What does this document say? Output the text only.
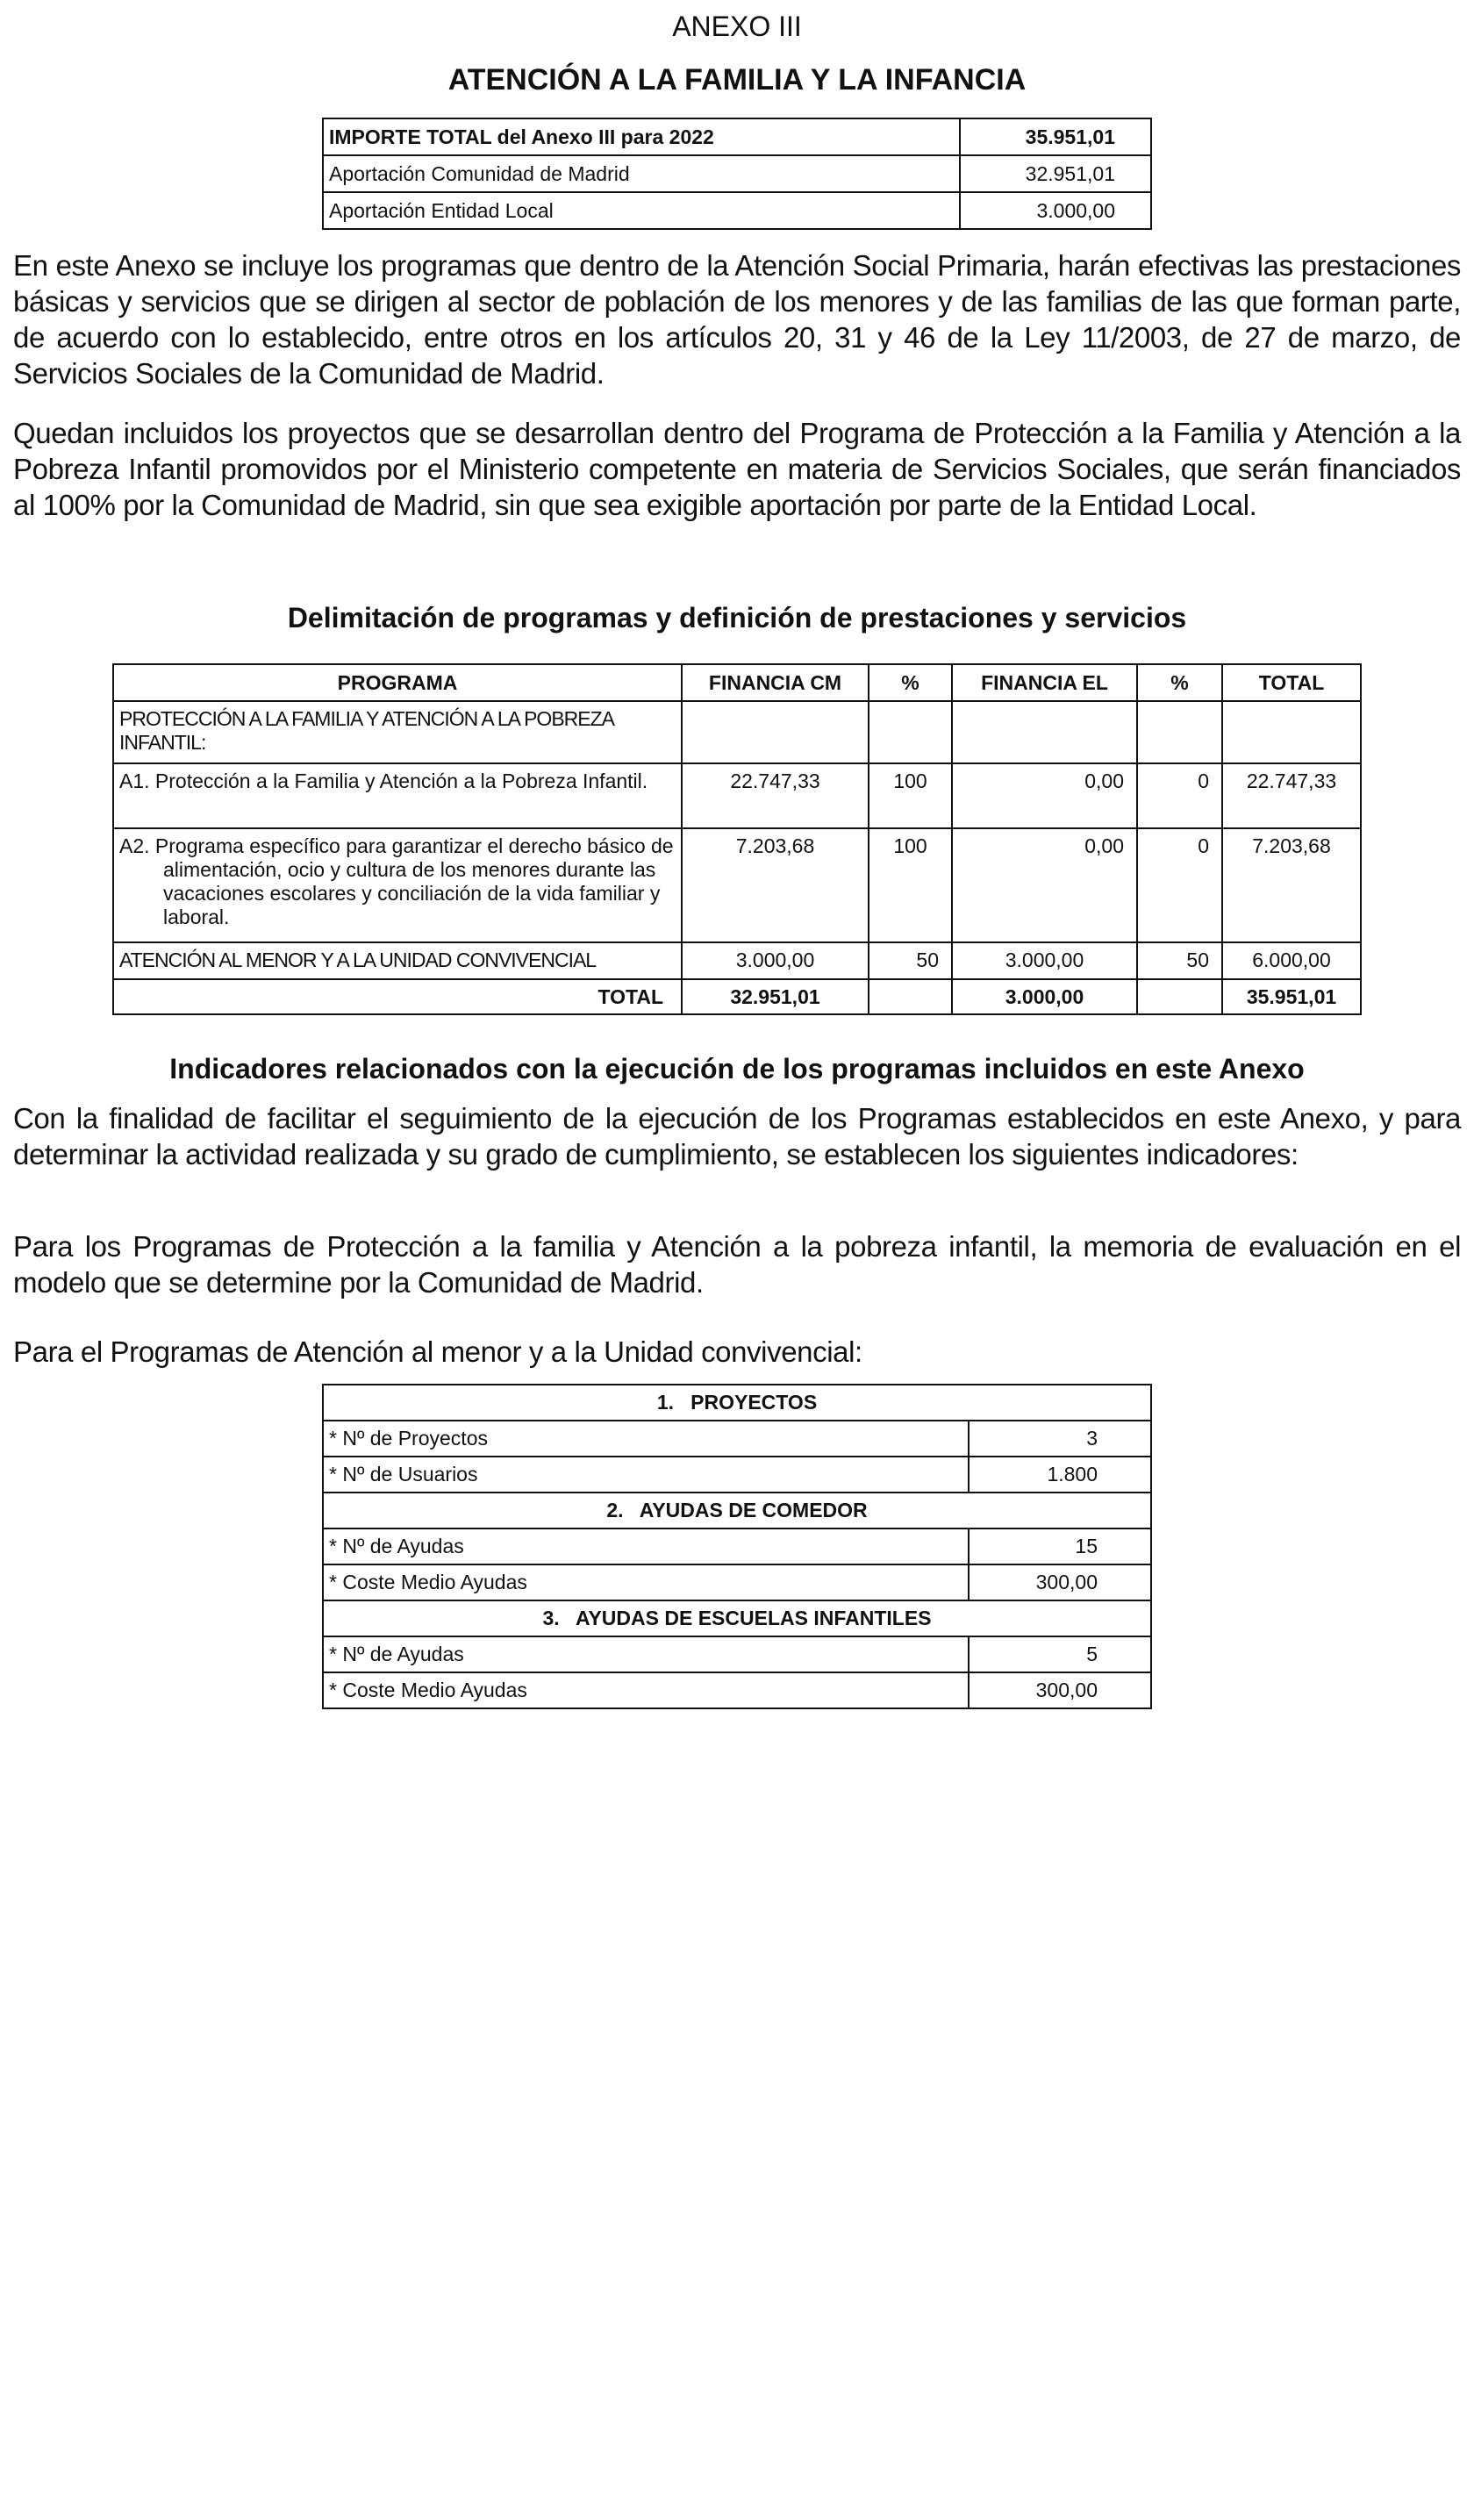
ANEXO III
ATENCIÓN A LA FAMILIA Y LA INFANCIA
IMPORTE TOTAL del Anexo III para 2022	35.951,01
Aportación Comunidad de Madrid	32.951,01
Aportación Entidad Local	3.000,00

En este Anexo se incluye los programas que dentro de la Atención Social Primaria, harán efectivas las prestaciones básicas y servicios que se dirigen al sector de población de los menores y de las familias de las que forman parte, de acuerdo con lo establecido, entre otros en los artículos 20, 31 y 46 de la Ley 11/2003, de 27 de marzo, de Servicios Sociales de la Comunidad de Madrid.

Quedan incluidos los proyectos que se desarrollan dentro del Programa de Protección a la Familia y Atención a la Pobreza Infantil promovidos por el Ministerio competente en materia de Servicios Sociales, que serán financiados al 100% por la Comunidad de Madrid, sin que sea exigible aportación por parte de la Entidad Local.

Delimitación de programas y definición de prestaciones y servicios
PROGRAMA	FINANCIA CM	%	FINANCIA EL	%	TOTAL
PROTECCIÓN A LA FAMILIA Y ATENCIÓN A LA POBREZA INFANTIL:					
A1. Protección a la Familia y Atención a la Pobreza Infantil.	22.747,33	100	0,00	0	22.747,33
A2. Programa específico para garantizar el derecho básico de alimentación, ocio y cultura de los menores durante las vacaciones escolares y conciliación de la vida familiar y laboral.	7.203,68	100	0,00	0	7.203,68
ATENCIÓN AL MENOR Y A LA UNIDAD CONVIVENCIAL	3.000,00	50	3.000,00	50	6.000,00
TOTAL	32.951,01		3.000,00		35.951,01
Indicadores relacionados con la ejecución de los programas incluidos en este Anexo

Con la finalidad de facilitar el seguimiento de la ejecución de los Programas establecidos en este Anexo, y para determinar la actividad realizada y su grado de cumplimiento, se establecen los siguientes indicadores:

Para los Programas de Protección a la familia y Atención a la pobreza infantil, la memoria de evaluación en el modelo que se determine por la Comunidad de Madrid.

Para el Programas de Atención al menor y a la Unidad convivencial:

1.   PROYECTOS	
* Nº de Proyectos	3
* Nº de Usuarios	1.800
2.   AYUDAS DE COMEDOR	
* Nº de Ayudas	15
* Coste Medio Ayudas	300,00
3.   AYUDAS DE ESCUELAS INFANTILES	
* Nº de Ayudas	5
* Coste Medio Ayudas	300,00
